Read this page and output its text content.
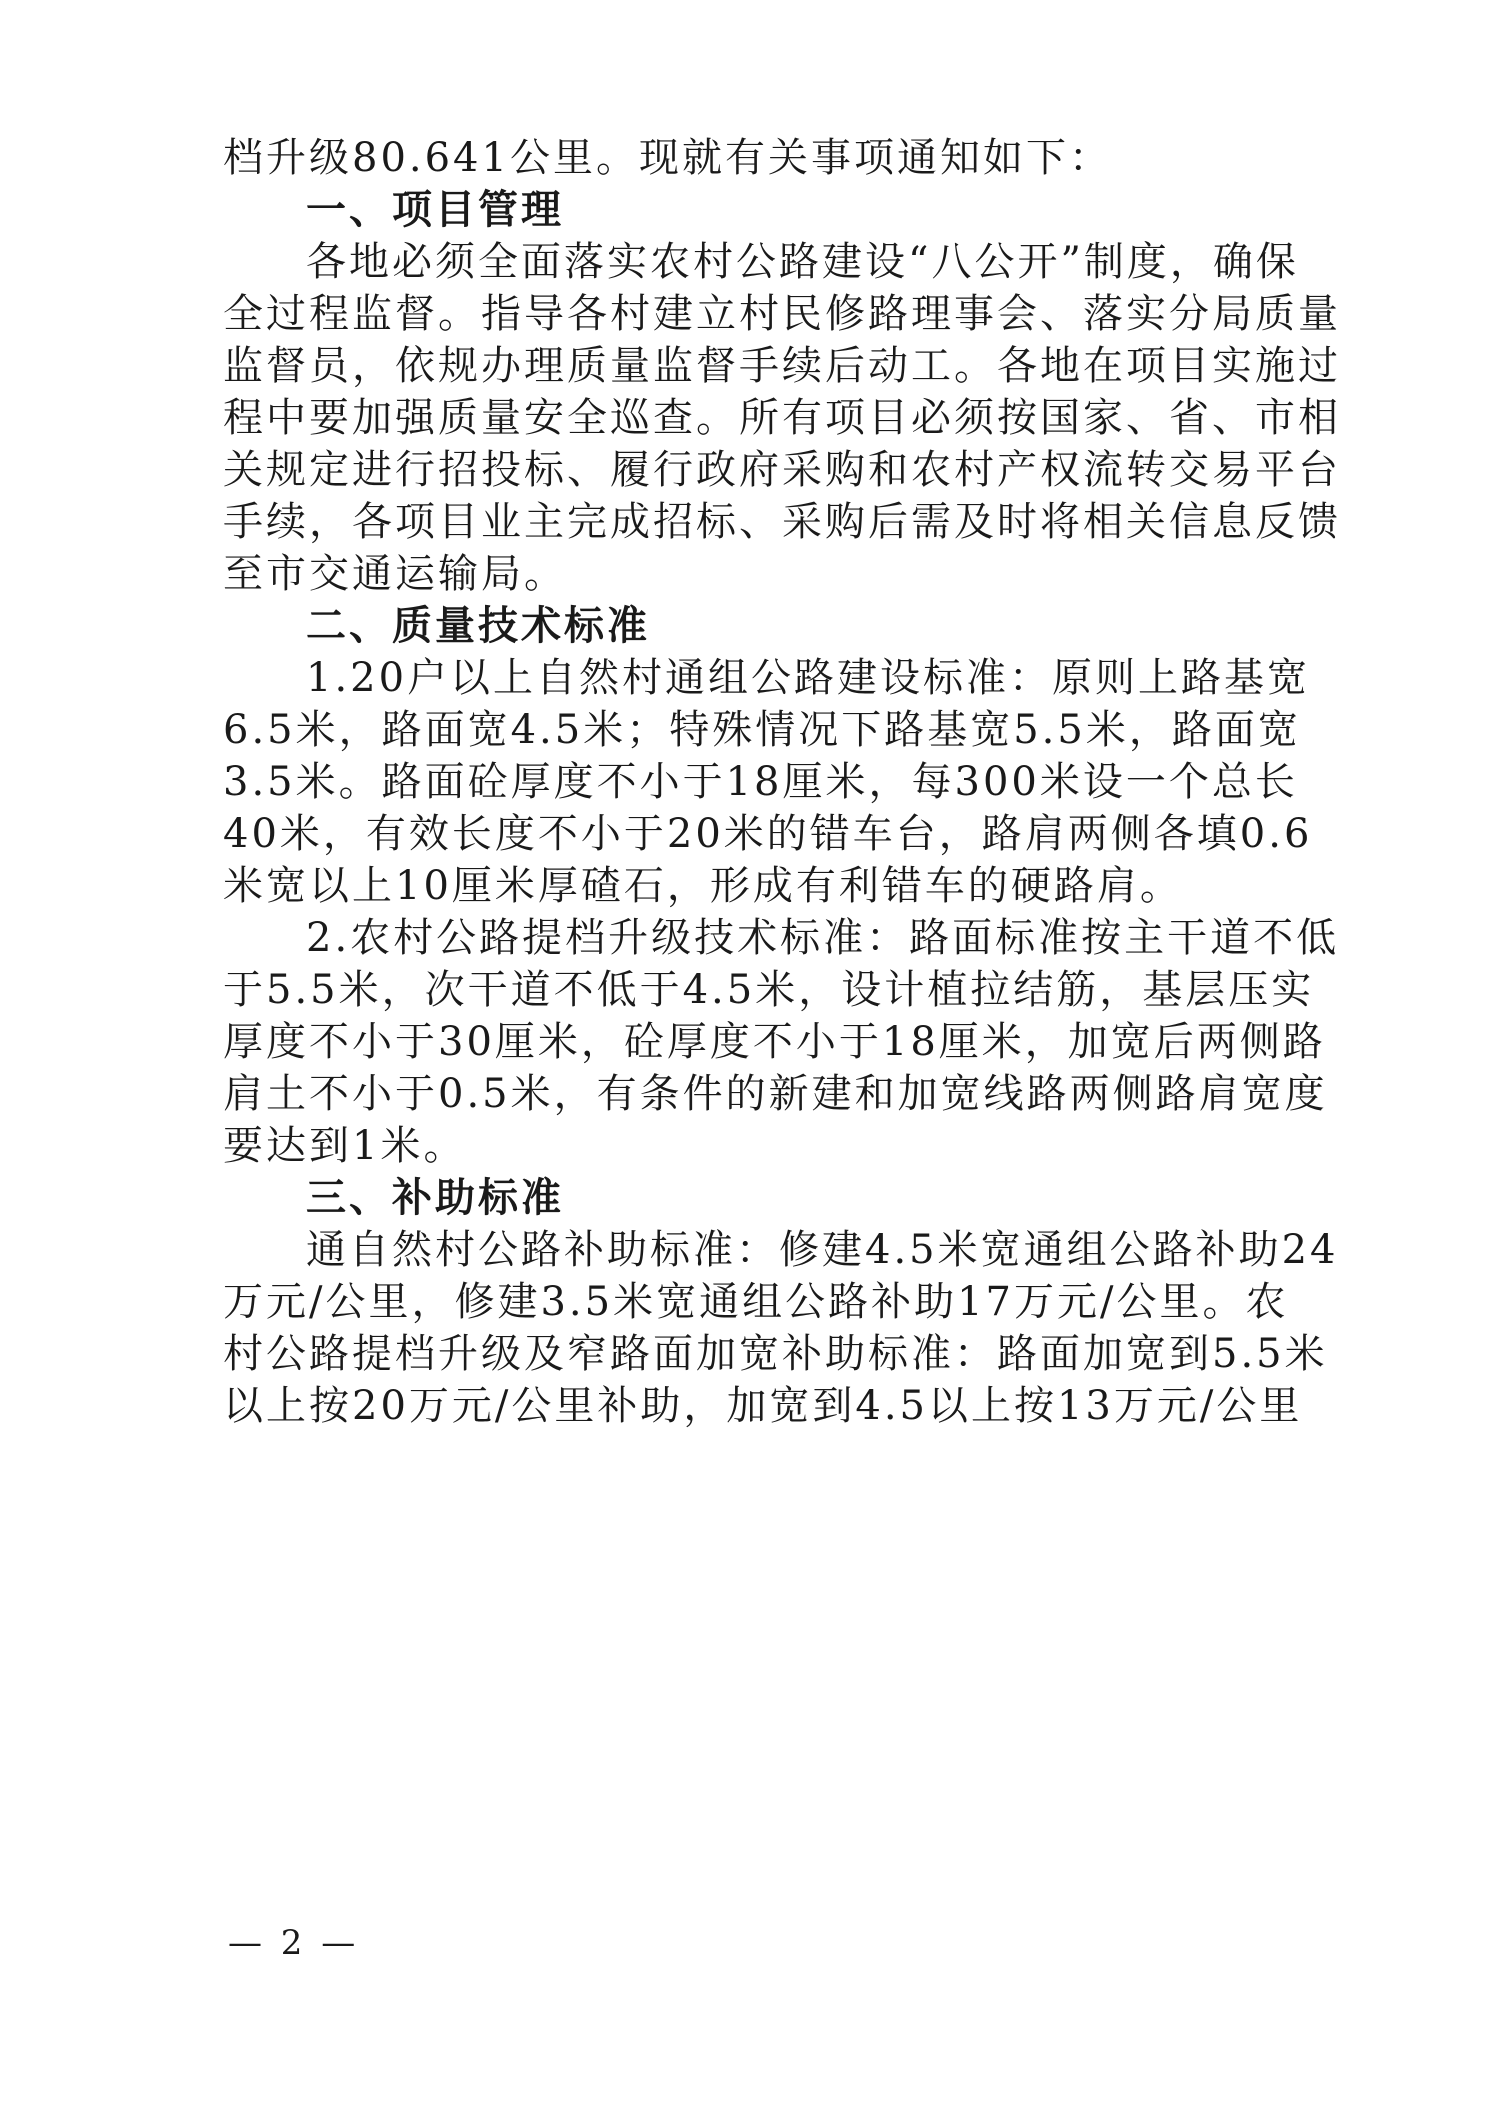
档升级80.641公里。现就有关事项通知如下：
一、项目管理
各地必须全面落实农村公路建设“八公开”制度，确保
全过程监督。指导各村建立村民修路理事会、落实分局质量
监督员，依规办理质量监督手续后动工。各地在项目实施过
程中要加强质量安全巡查。所有项目必须按国家、省、市相
关规定进行招投标、履行政府采购和农村产权流转交易平台
手续，各项目业主完成招标、采购后需及时将相关信息反馈
至市交通运输局。
二、质量技术标准
1.20户以上自然村通组公路建设标准：原则上路基宽
6.5米，路面宽4.5米；特殊情况下路基宽5.5米，路面宽
3.5米。路面砼厚度不小于18厘米，每300米设一个总长
40米，有效长度不小于20米的错车台，路肩两侧各填0.6
米宽以上10厘米厚碴石，形成有利错车的硬路肩。
2.农村公路提档升级技术标准：路面标准按主干道不低
于5.5米，次干道不低于4.5米，设计植拉结筋，基层压实
厚度不小于30厘米，砼厚度不小于18厘米，加宽后两侧路
肩土不小于0.5米，有条件的新建和加宽线路两侧路肩宽度
要达到1米。
三、补助标准
通自然村公路补助标准：修建4.5米宽通组公路补助24
万元/公里，修建3.5米宽通组公路补助17万元/公里。农
村公路提档升级及窄路面加宽补助标准：路面加宽到5.5米
以上按20万元/公里补助，加宽到4.5以上按13万元/公里
— 2 —
